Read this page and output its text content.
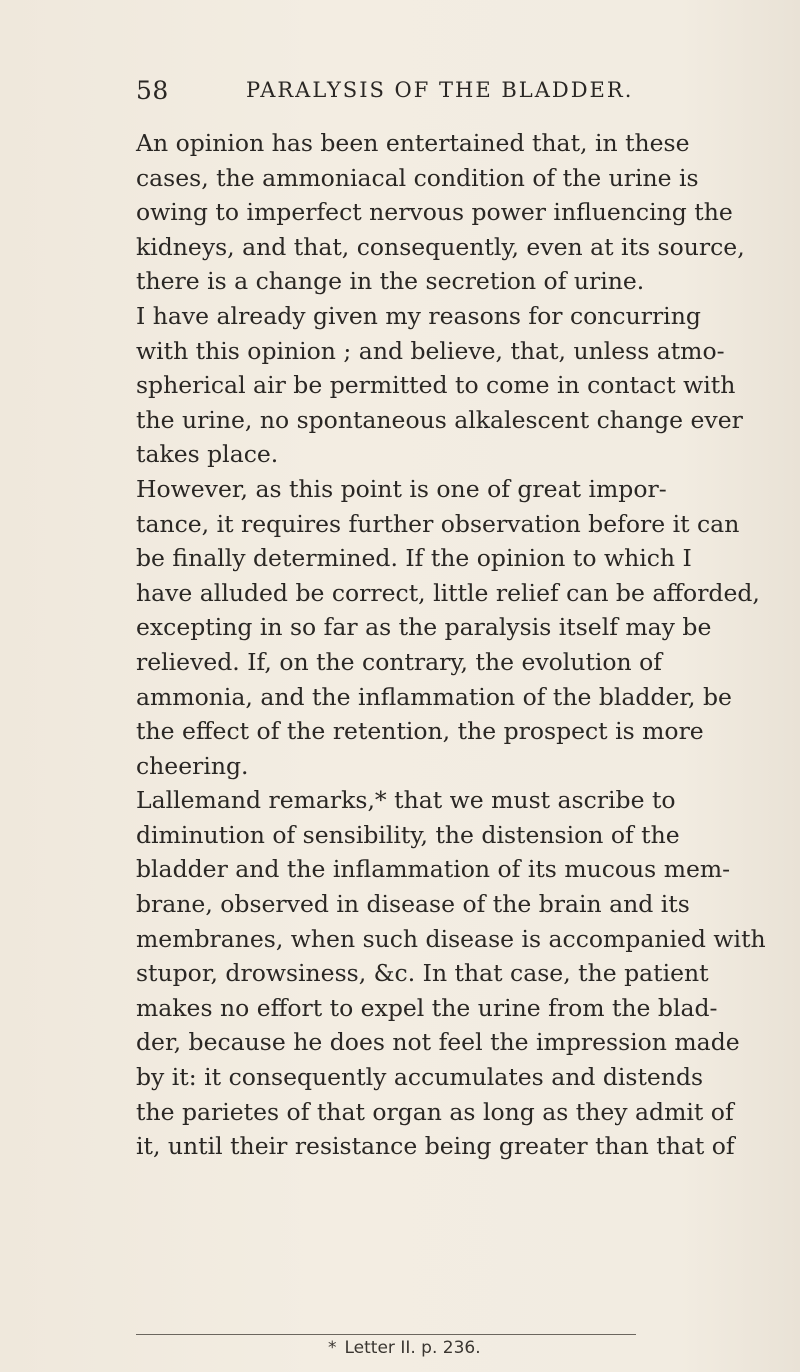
58	PARALYSIS OF THE BLADDER.
An opinion has been entertained that, in these
cases, the ammoniacal condition of the urine is
owing to imperfect nervous power influencing the
kidneys, and that, consequently, even at its source,
there is a change in the secretion of urine.
I have already given my reasons for concurring
with this opinion ; and believe, that, unless atmo-
spherical air be permitted to come in contact with
the urine, no spontaneous alkalescent change ever
takes place.
However, as this point is one of great impor-
tance, it requires further observation before it can
be finally determined. If the opinion to which I
have alluded be correct, little relief can be afforded,
excepting in so far as the paralysis itself may be
relieved. If, on the contrary, the evolution of
ammonia, and the inflammation of the bladder, be
the effect of the retention, the prospect is more
cheering.
Lallemand remarks,* that we must ascribe to
diminution of sensibility, the distension of the
bladder and the inflammation of its mucous mem-
brane, observed in disease of the brain and its
membranes, when such disease is accompanied with
stupor, drowsiness, &c. In that case, the patient
makes no effort to expel the urine from the blad-
der, because he does not feel the impression made
by it: it consequently accumulates and distends
the parietes of that organ as long as they admit of
it, until their resistance being greater than that of
* Letter II. p. 236.
